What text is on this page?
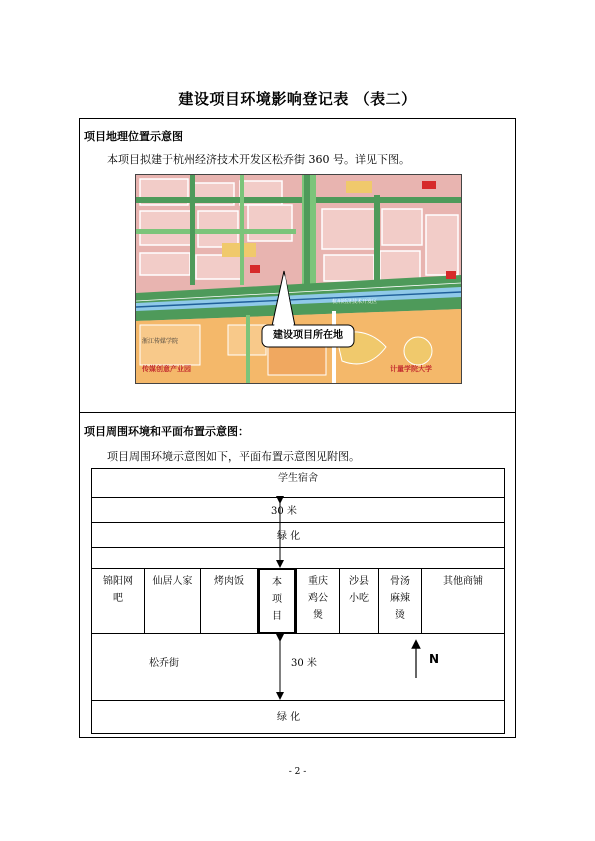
建设项目环境影响登记表 （表二）
项目地理位置示意图
本项目拟建于杭州经济技术开发区松乔街 360 号。详见下图。
传媒创意产业园	计量学院大学
浙江传媒学院
杭州经济技术开发区
建设项目所在地
项目周围环境和平面布置示意图：
项目周围环境示意图如下，平面布置示意图见附图。
学生宿舍
30 米
绿 化
锦阳网
吧
仙居人家	烤肉饭	本
项
目
重庆
鸡公
煲
沙县
小吃
骨汤
麻辣
烫
其他商铺
松乔街	30 米	N
绿 化
- 2 -
